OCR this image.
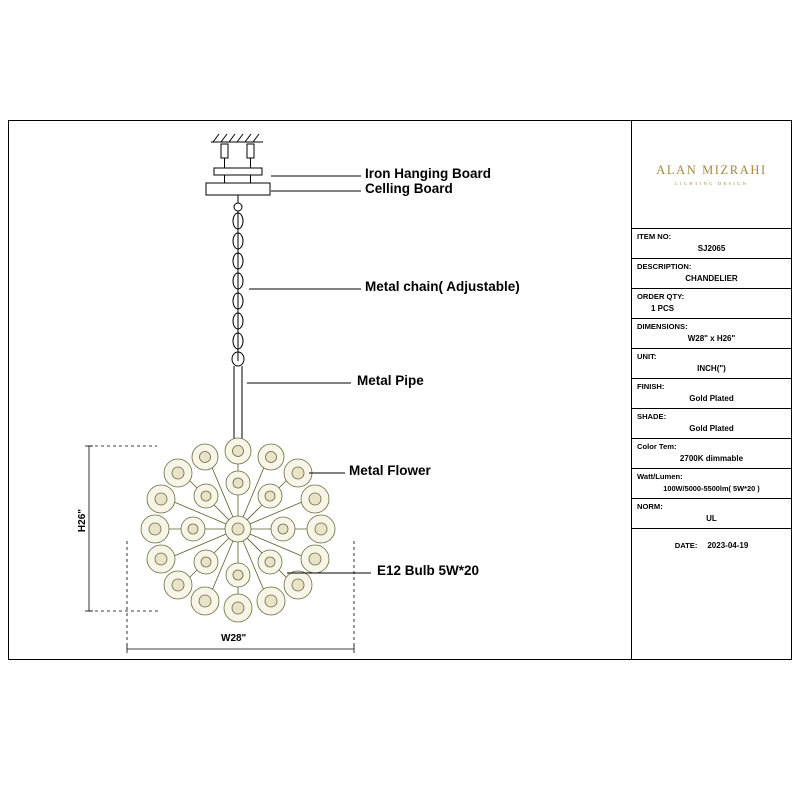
Iron Hanging Board
Celling Board
Metal chain( Adjustable)
Metal Pipe
Metal Flower
E12 Bulb 5W*20
H26"
W28"
ALAN MIZRAHI
LIGHTING DESIGN
ITEM NO:
SJ2065
DESCRIPTION:
CHANDELIER
ORDER QTY:
1 PCS
DIMENSIONS:
W28" x H26"
UNIT:
INCH(")
FINISH:
Gold Plated
SHADE:
Gold Plated
Color Tem:
2700K dimmable
Watt/Lumen:
100W/5000-5500lm( 5W*20 )
NORM:
UL
DATE: 2023-04-19
